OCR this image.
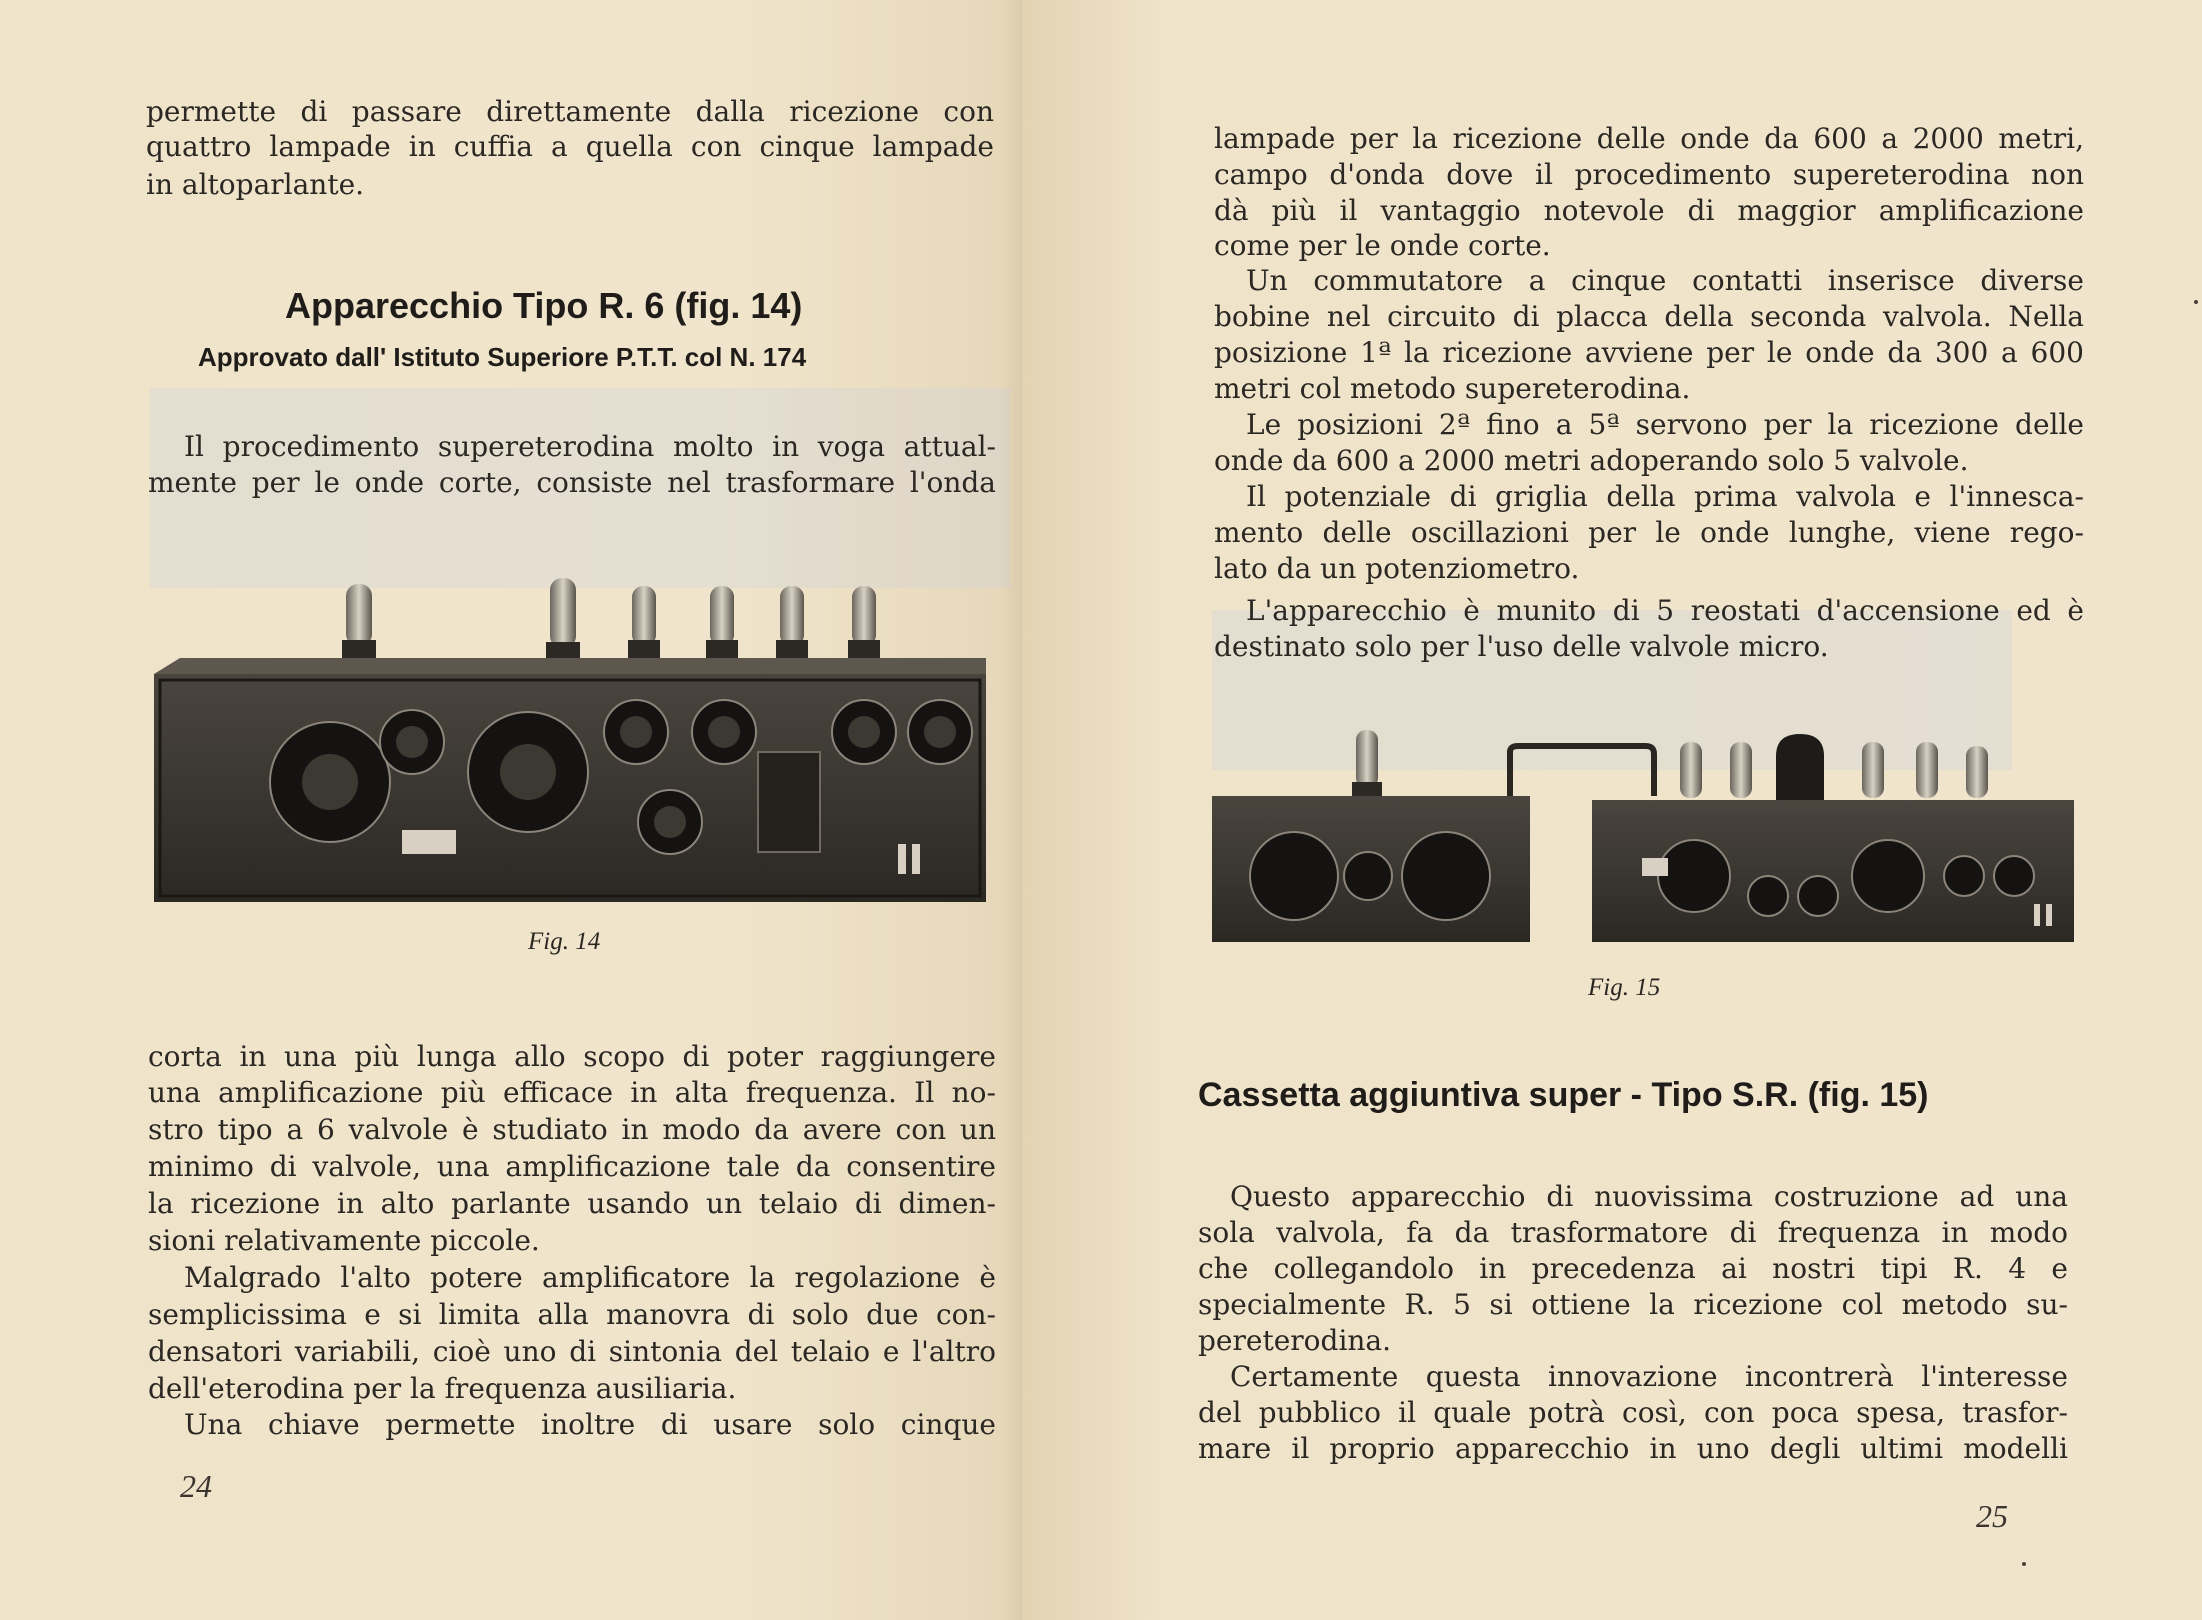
permette di passare direttamente dalla ricezione con
quattro lampade in cuffia a quella con cinque lampade
in altoparlante.
Apparecchio Tipo R. 6 (fig. 14)
Approvato dall' Istituto Superiore P.T.T. col N. 174
Il procedimento supereterodina molto in voga attual-
mente per le onde corte, consiste nel trasformare l'onda
Fig. 14
corta in una più lunga allo scopo di poter raggiungere
una amplificazione più efficace in alta frequenza. Il no-
stro tipo a 6 valvole è studiato in modo da avere con un
minimo di valvole, una amplificazione tale da consentire
la ricezione in alto parlante usando un telaio di dimen-
sioni relativamente piccole.
Malgrado l'alto potere amplificatore la regolazione è
semplicissima e si limita alla manovra di solo due con-
densatori variabili, cioè uno di sintonia del telaio e l'altro
dell'eterodina per la frequenza ausiliaria.
Una chiave permette inoltre di usare solo cinque
24
lampade per la ricezione delle onde da 600 a 2000 metri,
campo d'onda dove il procedimento supereterodina non
dà più il vantaggio notevole di maggior amplificazione
come per le onde corte.
Un commutatore a cinque contatti inserisce diverse
bobine nel circuito di placca della seconda valvola. Nella
posizione 1ª la ricezione avviene per le onde da 300 a 600
metri col metodo supereterodina.
Le posizioni 2ª fino a 5ª servono per la ricezione delle
onde da 600 a 2000 metri adoperando solo 5 valvole.
Il potenziale di griglia della prima valvola e l'innesca-
mento delle oscillazioni per le onde lunghe, viene rego-
lato da un potenziometro.
L'apparecchio è munito di 5 reostati d'accensione ed è
destinato solo per l'uso delle valvole micro.
Fig. 15
Cassetta aggiuntiva super - Tipo S.R. (fig. 15)
Questo apparecchio di nuovissima costruzione ad una
sola valvola, fa da trasformatore di frequenza in modo
che collegandolo in precedenza ai nostri tipi R. 4 e
specialmente R. 5 si ottiene la ricezione col metodo su-
pereterodina.
Certamente questa innovazione incontrerà l'interesse
del pubblico il quale potrà così, con poca spesa, trasfor-
mare il proprio apparecchio in uno degli ultimi modelli
25
